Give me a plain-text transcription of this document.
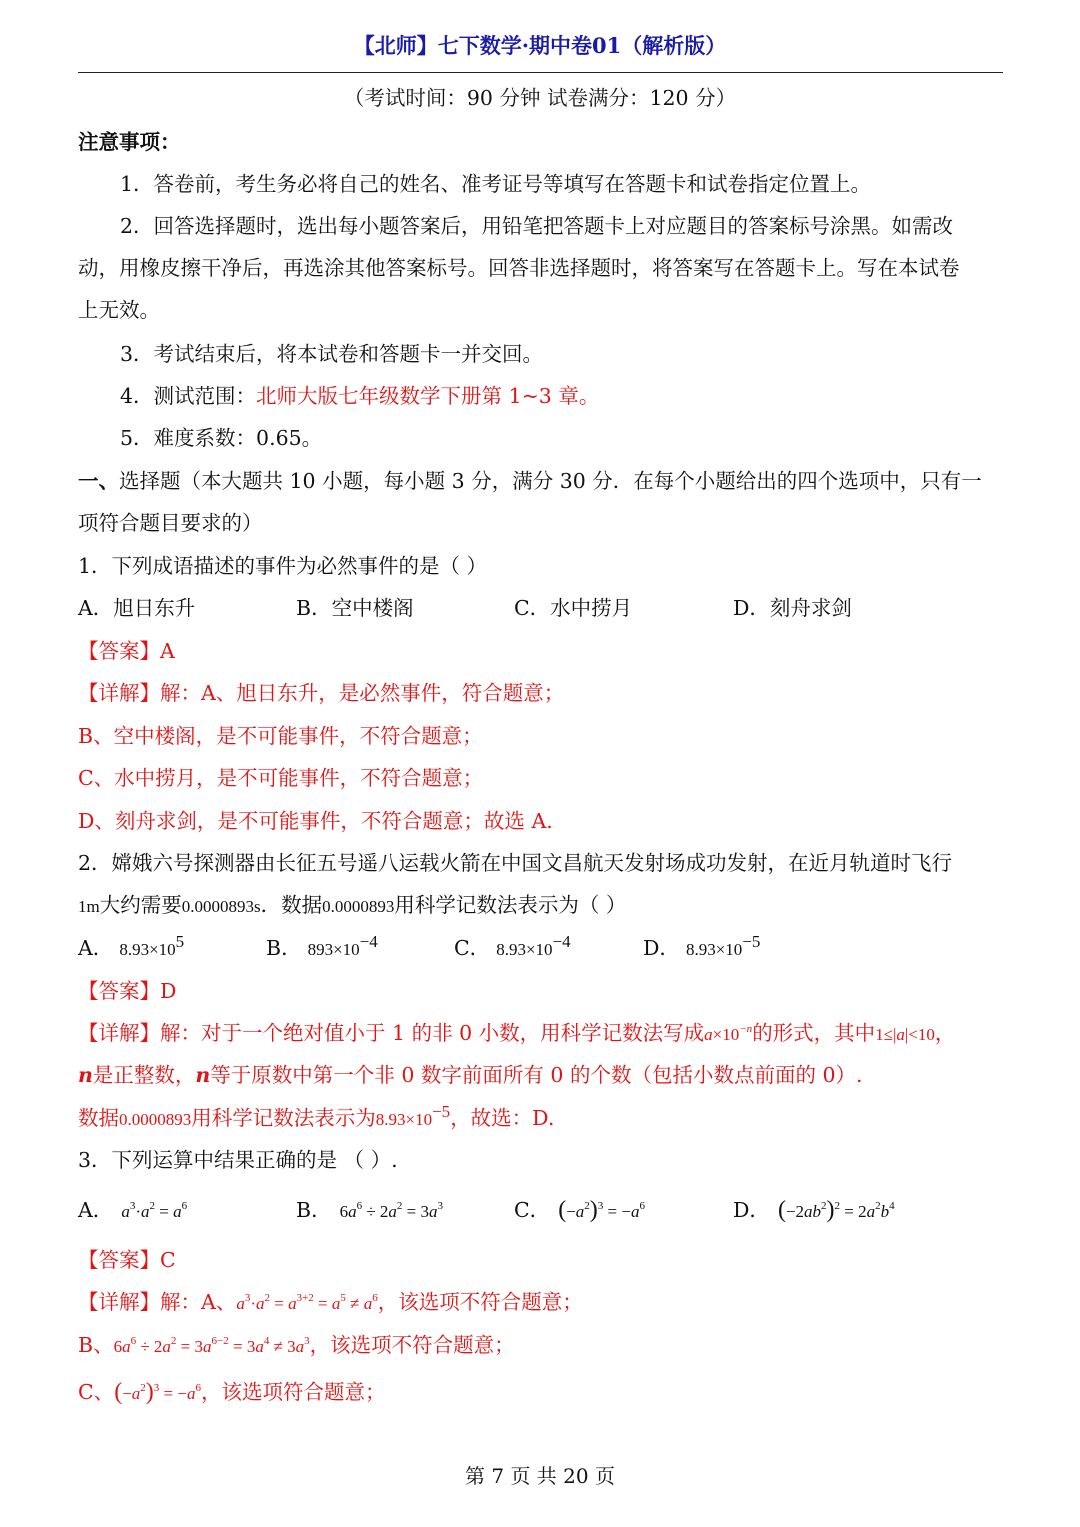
【北师】七下数学·期中卷01（解析版）
（考试时间：90 分钟 试卷满分：120 分）
注意事项：
1．答卷前，考生务必将自己的姓名、准考证号等填写在答题卡和试卷指定位置上。
2．回答选择题时，选出每小题答案后，用铅笔把答题卡上对应题目的答案标号涂黑。如需改
动，用橡皮擦干净后，再选涂其他答案标号。回答非选择题时，将答案写在答题卡上。写在本试卷
上无效。
3．考试结束后，将本试卷和答题卡一并交回。
4．测试范围：北师大版七年级数学下册第 1~3 章。
5．难度系数：0.65。
一、选择题（本大题共 10 小题，每小题 3 分，满分 30 分．在每个小题给出的四个选项中，只有一
项符合题目要求的）
1．下列成语描述的事件为必然事件的是（ ）
A．旭日东升	B．空中楼阁	C．水中捞月	D．刻舟求剑
【答案】A
【详解】解：A、旭日东升，是必然事件，符合题意；
B、空中楼阁，是不可能事件，不符合题意；
C、水中捞月，是不可能事件，不符合题意；
D、刻舟求剑，是不可能事件，不符合题意；故选 A.
2．嫦娥六号探测器由长征五号遥八运载火箭在中国文昌航天发射场成功发射，在近月轨道时飞行
1m大约需要0.0000893s．数据0.0000893用科学记数法表示为（ ）
A． $8.93\times 10^5$	B． $893\times 10^{-4}$	C． $8.93\times 10^{-4}$	D． $8.93\times 10^{-5}$
【答案】D
【详解】解：对于一个绝对值小于 1 的非 0 小数，用科学记数法写成$a\times 10^{-n}$的形式，其中1≤|a|<10，
n是正整数，n等于原数中第一个非 0 数字前面所有 0 的个数（包括小数点前面的 0）.
数据0.0000893用科学记数法表示为$8.93\times 10^{-5}$，故选：D.
3．下列运算中结果正确的是 （ ）.
A． $a^3\cdot a^2 = a^6$	B． $6a^6 \div 2a^2 = 3a^3$	C． $(-a^2)^3 = -a^6$	D． $(-2ab^2)^2 = 2a^2b^4$
【答案】C
【详解】解：A、$a^3\cdot a^2 = a^{3+2} = a^5 \ne a^6$，该选项不符合题意；
B、$6a^6 \div 2a^2 = 3a^{6-2} = 3a^4 \ne 3a^3$，该选项不符合题意；
C、$(-a^2)^3 = -a^6$，该选项符合题意；
第 7 页 共 20 页
